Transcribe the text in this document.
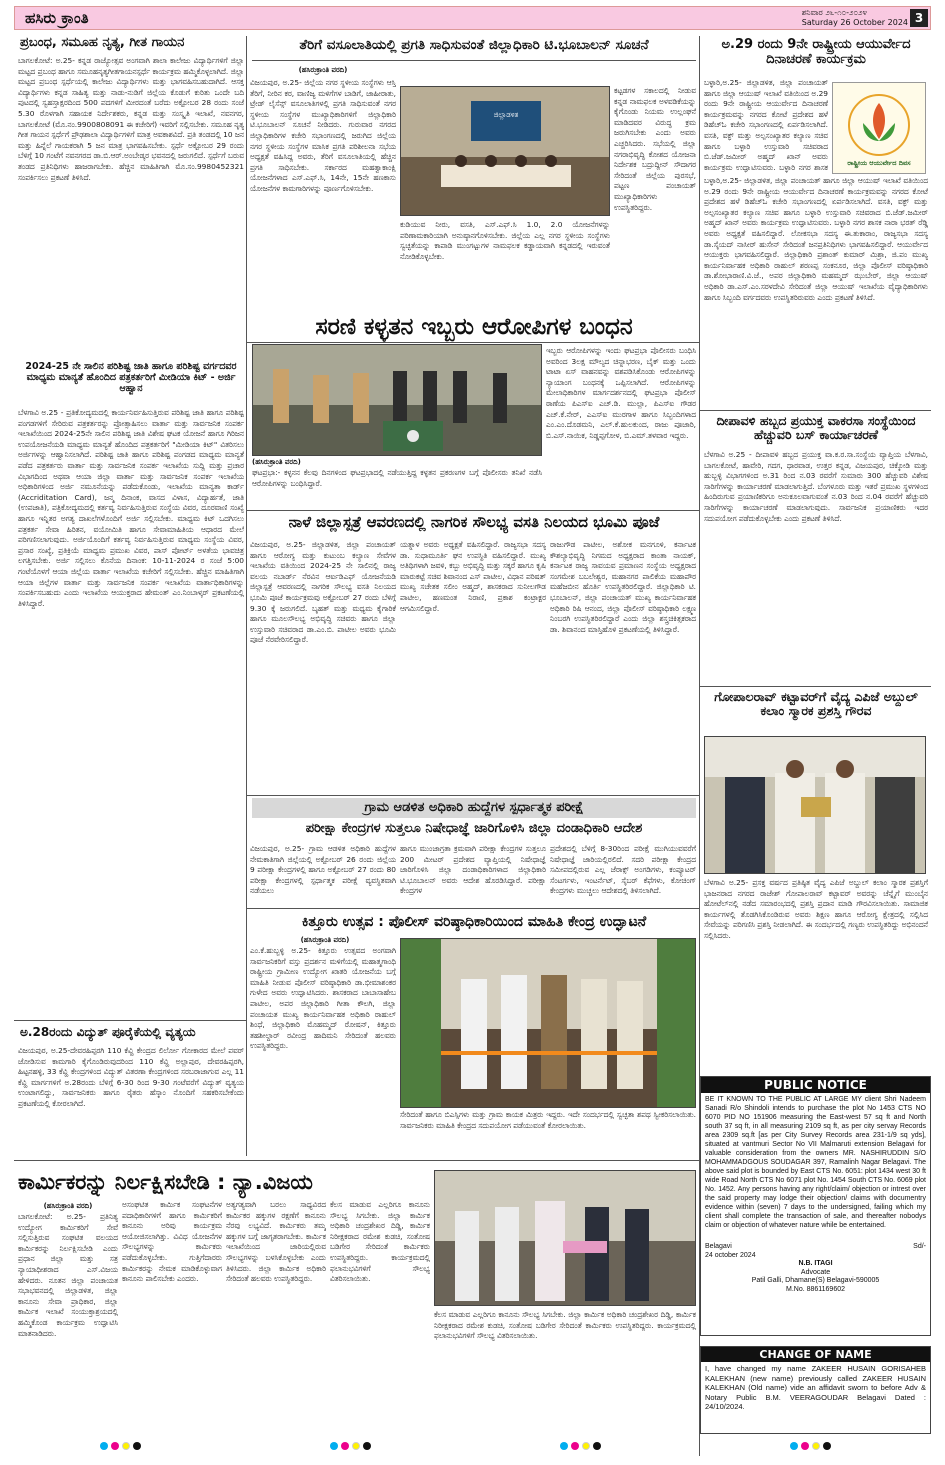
ಹಸಿರು ಕ್ರಾಂತಿ	ಶನಿವಾರ ೨೬-೧೦-೨೦೨೪
Saturday 26 October 2024 3
ಪ್ರಬಂಧ, ಸಮೂಹ ನೃತ್ಯ, ಗೀತ ಗಾಯನ
ಬಾಗಲಕೋಟೆ: ಅ.25- ಕನ್ನಡ ರಾಜ್ಯೋತ್ಸವ ಅಂಗವಾಗಿ ಶಾಲಾ ಕಾಲೇಜು ವಿದ್ಯಾರ್ಥಿಗಳಿಗೆ ಜಿಲ್ಲಾ ಮಟ್ಟದ ಪ್ರಬಂಧ ಹಾಗೂ ಸಮೂಹನೃತ್ಯಗೀತಗಾಯನಸ್ಪರ್ಧೆ ಕಾರ್ಯಕ್ರಮ ಹಮ್ಮಿಕೊಳ್ಳಲಾಗಿದೆ. ಜಿಲ್ಲಾ ಮಟ್ಟದ ಪ್ರಬಂಧ ಸ್ಪರ್ಧೆಯಲ್ಲಿ ಕಾಲೇಜು ವಿದ್ಯಾರ್ಥಿಗಳು ಮತ್ತು ಭಾಗವಹಿಸಬಹುದಾಗಿದೆ. ಆಸಕ್ತ ವಿದ್ಯಾರ್ಥಿಗಳು ಕನ್ನಡ ಸಾಹಿತ್ಯ ಮತ್ತು ನಾಡು-ನುಡಿಗೆ ಜಿಲ್ಲೆಯ ಕೊಡುಗೆ ಕುರಿತು ಒಂದೇ ಬದಿ ಪುಟದಲ್ಲಿ ಸ್ವಹಸ್ತಾಕ್ಷರದಿಂದ 500 ಪದಗಳಿಗೆ ಮೀರದಂತೆ ಬರೆದು ಅಕ್ಟೋಬರ 28 ರಂದು ಸಂಜೆ 5.30 ರೊಳಗಾಗಿ ಸಹಾಯಕ ನಿರ್ದೇಶಕರು, ಕನ್ನಡ ಮತ್ತು ಸಂಸ್ಕೃತಿ ಇಲಾಖೆ, ನವನಗರ, ಬಾಗಲಕೋಟೆ (ಮೊ.ನಂ.9900808091 ಈ ಕಚೇರಿಗೆ) ಇವರಿಗೆ ಸಲ್ಲಿಸಬೇಕು. ಸಮೂಹ ನೃತ್ಯ ಗೀತ ಗಾಯನ ಸ್ಪರ್ಧೆಗೆ ಪ್ರೌಢಶಾಲಾ ವಿದ್ಯಾರ್ಥಿಗಳಿಗೆ ಮಾತ್ರ ಅವಕಾಶವಿದೆ. ಪ್ರತಿ ತಂಡದಲ್ಲಿ 10 ಜನ ಮತ್ತು ಹಿನ್ನೆಲೆ ಗಾಯಕರಾಗಿ 5 ಜನ ಮಾತ್ರ ಭಾಗವಹಿಸಬೇಕು. ಸ್ಪರ್ಧೆ ಅಕ್ಟೋಬರ 29 ರಂದು ಬೆಳಿಗ್ಗೆ 10 ಗಂಟೆಗೆ ನವನಗರದ ಡಾ.ಬಿ.ಆರ್.ಅಂಬೇಡ್ಕರ ಭವನದಲ್ಲಿ ಜರುಗಲಿದೆ. ಸ್ಪರ್ಧೆಗೆ ಬರುವ ತಂಡದ ಪ್ರತಿನಿಧಿಗಳು ಹಾಜರಾಗಬೇಕು. ಹೆಚ್ಚಿನ ಮಾಹಿತಿಗಾಗಿ ಮೊ.ಸಂ.9980452321 ಸಂಪರ್ಕಿಸಲು ಪ್ರಕಟಣೆ ತಿಳಿಸಿದೆ.
2024-25 ನೇ ಸಾಲಿನ ಪರಿಶಿಷ್ಟ ಜಾತಿ ಹಾಗೂ ಪರಿಶಿಷ್ಟ ವರ್ಗದವರ ಮಾಧ್ಯಮ ಮಾನ್ಯತೆ ಹೊಂದಿದ ಪತ್ರಕರ್ತರಿಗೆ ಮೀಡಿಯಾ ಕಿಟ್ - ಅರ್ಜಿ ಆಹ್ವಾನ
ಬೆಳಗಾವಿ ಅ.25 - ಪ್ರತಿಕೋದ್ಯಮದಲ್ಲಿ ಕಾರ್ಯನಿರ್ವಹಿಸುತ್ತಿರುವ ಪರಿಶಿಷ್ಟ ಜಾತಿ ಹಾಗೂ ಪರಿಶಿಷ್ಟ ಪಂಗಡಗಳಿಗೆ ಸೇರಿರುವ ಪತ್ರಕರ್ತರನ್ನು ಪ್ರೋತ್ಸಾಹಿಸಲು ವಾರ್ತಾ ಮತ್ತು ಸಾರ್ವಜನಿಕ ಸಂಪರ್ಕ ಇಲಾಖೆಯಿಂದ 2024-25ನೇ ಸಾಲಿನ ಪರಿಶಿಷ್ಟ ಜಾತಿ ವಿಶೇಷ ಘಟಕ ಯೋಜನೆ ಹಾಗೂ ಗಿರಿಜನ ಉಪಯೋಜನೆಯಡಿ ಮಾಧ್ಯಮ ಮಾನ್ಯತೆ ಹೊಂದಿದ ಪತ್ರಕರ್ತರಿಗೆ "ಮೀಡಿಯಾ ಕಿಟ್" ವಿತರಿಸಲು ಅರ್ಜಿಗಳನ್ನು ಆಹ್ವಾನಿಸಲಾಗಿದೆ. ಪರಿಶಿಷ್ಟ ಜಾತಿ ಹಾಗೂ ಪರಿಶಿಷ್ಟ ಪಂಗಡದ ಮಾಧ್ಯಮ ಮಾನ್ಯತೆ ಪಡೆದ ಪತ್ರಕರ್ತರು ವಾರ್ತಾ ಮತ್ತು ಸಾರ್ವಜನಿಕ ಸಂಪರ್ಕ ಇಲಾಖೆಯ ಸುದ್ದಿ ಮತ್ತು ಪ್ರಚಾರ ವಿಭಾಗದಿಂದ ಅಥವಾ ಆಯಾ ಜಿಲ್ಲಾ ವಾರ್ತಾ ಮತ್ತು ಸಾರ್ವಜನಿಕ ಸಂಪರ್ಕ ಇಲಾಖೆಯ ಅಧಿಕಾರಿಗಳಿಂದ ಅರ್ಜಿ ನಮೂನೆಯನ್ನು ಪಡೆದುಕೊಂಡು, ಇಲಾಖೆಯ ಮಾನ್ಯತಾ ಕಾರ್ಡ್ (Accriditation Card), ಜನ್ಮ ದಿನಾಂಕ, ವಾಸದ ವಿಳಾಸ, ವಿದ್ಯಾರ್ಹತೆ, ಜಾತಿ (ಉಪಜಾತಿ), ಪತ್ರಿಕೋದ್ಯಮದಲ್ಲಿ ಕರ್ತವ್ಯ ನಿರ್ವಹಿಸುತ್ತಿರುವ ಸಂಸ್ಥೆಯ ವಿವರ, ದೂರವಾಣಿ ಸಂಖ್ಯೆ ಹಾಗೂ ಇನ್ನಿತರ ಅಗತ್ಯ ದಾಖಲೆಗಳೊಂದಿಗೆ ಅರ್ಜಿ ಸಲ್ಲಿಸಬೇಕು. ಮಾಧ್ಯಮ ಕಿಟ್ ಒದಗಿಸಲು ಪತ್ರಕರ್ತ ಸೇವಾ ಹಿರಿತನ, ವಯೋಮಿತಿ ಹಾಗೂ ಸೇವಾಮಾಹಿತಿಯ ಆಧಾರದ ಮೇಲೆ ಪರಿಗಣಿಸಲಾಗುವುದು. ಅರ್ಜಿಯೊಂದಿಗೆ ಕರ್ತವ್ಯ ನಿರ್ವಹಿಸುತ್ತಿರುವ ಮಾಧ್ಯಮ ಸಂಸ್ಥೆಯ ವಿವರ, ಪ್ರಸಾರ ಸಂಖ್ಯೆ, ಪ್ರತಿಕ್ರಿಯೆ ಮಾಧ್ಯಮ ಪ್ರಮುಖ ವಿವರ, ಪಾಸ್ ಪೋರ್ಟ್ ಅಳತೆಯ ಭಾವಚಿತ್ರ ಲಗತ್ತಿಸಬೇಕು. ಅರ್ಜಿ ಸಲ್ಲಿಸಲು ಕೊನೆಯ ದಿನಾಂಕ: 10-11-2024 ರ ಸಂಜೆ 5:00 ಗಂಟೆಯೊಳಗೆ ಆಯಾ ಜಿಲ್ಲೆಯ ವಾರ್ತಾ ಇಲಾಖೆಯ ಕಚೇರಿಗೆ ಸಲ್ಲಿಸಬೇಕು. ಹೆಚ್ಚಿನ ಮಾಹಿತಿಗಾಗಿ ಆಯಾ ಜಿಲ್ಲೆಗಳ ವಾರ್ತಾ ಮತ್ತು ಸಾರ್ವಜನಿಕ ಸಂಪರ್ಕ ಇಲಾಖೆಯ ವಾರ್ತಾಧಿಕಾರಿಗಳನ್ನು ಸಂಪರ್ಕಿಸಬಹುದು ಎಂದು ಇಲಾಖೆಯ ಆಯುಕ್ತರಾದ ಹೇಮಂತ್ ಎಂ.ನಿಂಬಾಳ್ಕರ್ ಪ್ರಕಟಣೆಯಲ್ಲಿ ತಿಳಿಸಿದ್ದಾರೆ.
ಅ.28ರಂದು ವಿದ್ಯುತ್ ಪೂರೈಕೆಯಲ್ಲಿ ವ್ಯತ್ಯಯ
ವಿಜಯಪುರ, ಅ.25-ದೇವರಹಿಪ್ಪರಗಿ 110 ಕೆವ್ಹಿ ಕೇಂದ್ರದ ಲಿರ್ಲೋ ಗೋಕಾರದ ಮೇಲೆ ಪವರ್ ಜೋಡಿಸುವ ಕಾಮಗಾರಿ ಕೈಗೊಂಡಿರುವುದರಿಂದ 110 ಕೆವ್ಹಿ ಅಲ್ಲಾಪುರ, ದೇವರಹಿಪ್ಪರಗಿ, ಹಿಟ್ಟನಹಳ್ಳಿ, 33 ಕೆವ್ಹಿ ಕೇಂದ್ರಗಳಿಂದ ವಿದ್ಯುತ್ ವಿತರಣಾ ಕೇಂದ್ರಗಳಿಂದ ಸರಬರಾಜಾಗುವ ಎಲ್ಲ 11 ಕೆವ್ಹಿ ಮಾರ್ಗಗಳಿಗೆ ಅ.28ರಂದು ಬೆಳಿಗ್ಗೆ 6-30 ರಿಂದ 9-30 ಗಂಟೆವರೆಗೆ ವಿದ್ಯುತ್ ವ್ಯತ್ಯಯ ಉಂಟಾಗಲಿದ್ದು, ಸಾರ್ವಜನಿಕರು ಹಾಗೂ ರೈತರು ಹೆಸ್ಕಾಂ ನೊಂದಿಗೆ ಸಹಕರಿಸಬೇಕೆಂದು ಪ್ರಕಟಣೆಯಲ್ಲಿ ಕೋರಲಾಗಿದೆ.
ತೆರಿಗೆ ವಸೂಲಾತಿಯಲ್ಲಿ ಪ್ರಗತಿ ಸಾಧಿಸುವಂತೆ ಜಿಲ್ಲಾಧಿಕಾರಿ ಟಿ.ಭೂಬಾಲನ್ ಸೂಚನೆ
(ಹಸಿರುಕ್ರಾಂತಿ ವರದಿ)
ವಿಜಯಪುರ, ಅ.25- ಜಿಲ್ಲೆಯ ನಗರ ಸ್ಥಳೀಯ ಸಂಸ್ಥೆಗಳು ಆಸ್ತಿ ತೆರಿಗೆ, ನೀರಿನ ಕರ, ವಾಣಿಜ್ಯ ಮಳಿಗೆಗಳ ಬಾಡಿಗೆ, ಜಾಹೀರಾತು, ಟ್ರೇಡ್ ಲೈಸೆನ್ಸ್ ವಸೂಲಾತಿಗಳಲ್ಲಿ ಪ್ರಗತಿ ಸಾಧಿಸುವಂತೆ ನಗರ ಸ್ಥಳೀಯ ಸಂಸ್ಥೆಗಳ ಮುಖ್ಯಾಧಿಕಾರಿಗಳಿಗೆ ಜಿಲ್ಲಾಧಿಕಾರಿ ಟಿ.ಭೂಬಾಲನ್ ಸೂಚನೆ ನೀಡಿದರು. ಗುರುವಾರ ನಗರದ ಜಿಲ್ಲಾಧಿಕಾರಿಗಳ ಕಚೇರಿ ಸಭಾಂಗಣದಲ್ಲಿ ಜರುಗಿದ ಜಿಲ್ಲೆಯ ನಗರ ಸ್ಥಳೀಯ ಸಂಸ್ಥೆಗಳ ಮಾಸಿಕ ಪ್ರಗತಿ ಪರಿಶೀಲನಾ ಸಭೆಯ ಅಧ್ಯಕ್ಷತೆ ವಹಿಸಿದ್ದ ಅವರು, ತೆರಿಗೆ ವಸೂಲಾತಿಯಲ್ಲಿ ಹೆಚ್ಚಿನ ಪ್ರಗತಿ ಸಾಧಿಸಬೇಕು. ಸರ್ಕಾರದ ಮಹತ್ವಾಕಾಂಕ್ಷಿ ಯೋಜನೆಗಳಾದ ಎಸ್.ಎಫ್.ಸಿ, 14ನೇ, 15ನೇ ಹಣಕಾಸು ಯೋಜನೆಗಳ ಕಾಮಗಾರಿಗಳನ್ನು ಪೂರ್ಣಗೊಳಿಸಬೇಕು.
ಜಿಲ್ಲಾಡಳಿತ
ಕುಡಿಯುವ ನೀರು, ವಸತಿ, ಎಸ್.ಎಫ್.ಸಿ 1.0, 2.0 ಯೋಜನೆಗಳನ್ನು ಪರಿಣಾಮಕಾರಿಯಾಗಿ ಅನುಷ್ಠಾನಗೊಳಿಸಬೇಕು. ಜಿಲ್ಲೆಯ ಎಲ್ಲ ನಗರ ಸ್ಥಳೀಯ ಸಂಸ್ಥೆಗಳು ಸ್ವಚ್ಛತೆಯನ್ನು ಕಾಪಾಡಿ ಮುಂಗಟ್ಟುಗಳ ನಾಮಫಲಕ ಕಡ್ಡಾಯವಾಗಿ ಕನ್ನಡದಲ್ಲಿ ಇರುವಂತೆ ನೋಡಿಕೊಳ್ಳಬೇಕು.
ಕಟ್ಟಡಗಳ ಸಕಾಲದಲ್ಲಿ ನೀಡುವ ಕನ್ನಡ ನಾಮಫಲಕ ಅಳವಡಿಕೆಯನ್ನು ಕೈಗೊಂಡು ನಿಯಮ ಉಲ್ಲಂಘನೆ ಮಾಡಿದವರ ವಿರುದ್ಧ ಕ್ರಮ ಜರುಗಿಸಬೇಕು ಎಂದು ಅವರು ಎಚ್ಚರಿಸಿದರು. ಸಭೆಯಲ್ಲಿ ಜಿಲ್ಲಾ ನಗರಾಭಿವೃದ್ಧಿ ಕೋಶದ ಯೋಜನಾ ನಿರ್ದೇಶಕ ಬದ್ರುದ್ದೀನ್ ಸೌದಾಗರ ಸೇರಿದಂತೆ ಜಿಲ್ಲೆಯ ಪುರಸಭೆ, ಪಟ್ಟಣ ಪಂಚಾಯತ್ ಮುಖ್ಯಾಧಿಕಾರಿಗಳು ಉಪಸ್ಥಿತರಿದ್ದರು.
ಸರಣಿ ಕಳ್ಳತನ ಇಬ್ಬರು ಆರೋಪಿಗಳ ಬಂಧನ
(ಹಸಿರುಕ್ರಾಂತಿ ವರದಿ)
ಘಟಪ್ರಭಾ:- ಕಳ್ಳನನ ಕೆಲವು ದಿನಗಳಿಂದ ಘಟಪ್ರಭಾದಲ್ಲಿ ನಡೆಯುತ್ತಿದ್ದ ಕಳ್ಳತನ ಪ್ರಕರಣಗಳ ಬಗ್ಗೆ ಪೊಲೀಸರು ತನಿಖೆ ನಡೆಸಿ ಆರೋಪಿಗಳನ್ನು ಬಂಧಿಸಿದ್ದಾರೆ.
ಇಬ್ಬರು ಆರೋಪಿಗಳನ್ನು ಇಂದು ಘಟಪ್ರಭಾ ಪೊಲೀಸರು ಬಂಧಿಸಿ ಅವರಿಂದ 3ಲಕ್ಷ ಮೌಲ್ಯದ ಚಿನ್ನಾಭರಣ, ಬೈಕ್ ಮತ್ತು ಒಂದು ಟಾಟಾ ಏಸ್ ವಾಹನವನ್ನು ವಶಪಡಿಸಿಕೊಂಡು ಆರೋಪಿಗಳನ್ನು ನ್ಯಾಯಾಂಗ ಬಂಧನಕ್ಕೆ ಒಪ್ಪಿಸಲಾಗಿದೆ. ಆರೋಪಿಗಳನ್ನು ಮೇಲಾಧಿಕಾರಿಗಳ ಮಾರ್ಗದರ್ಶನದಲ್ಲಿ ಘಟಪ್ರಭಾ ಪೊಲೀಸ್ ಠಾಣೆಯ ಪಿಎಸ್ಐ ಎಚ್.ಡಿ. ಮುಲ್ಲಾ, ಪಿಎಸ್ಐ ಗೌಡರ ಎಚ್.ಕೆ.ನೇರ್, ಎಎಸ್ಐ ಮುರಗಾಳ ಹಾಗೂ ಸಿಬ್ಬಂದಿಗಳಾದ ಎಂ.ಎಂ.ದೊಡಮನಿ, ಎಲ್.ಕೆ.ಹುಲಕುಂದ, ರಾಜು ಪೂಜಾರಿ, ಬಿ.ಎಸ್.ನಾಯಿಕ, ನಿಡ್ಡಪ್ಪಗೋಳ, ಬಿ.ಎಮ್.ತಳವಾರ ಇದ್ದರು.
ನಾಳೆ ಜಿಲ್ಲಾಸ್ಪತ್ರೆ ಆವರಣದಲ್ಲಿ ನಾಗರಿಕ ಸೌಲಭ್ಯ ವಸತಿ ನಿಲಯದ ಭೂಮಿ ಪೂಜೆ
ವಿಜಯಪುರ, ಅ.25- ಜಿಲ್ಲಾಡಳಿತ, ಜಿಲ್ಲಾ ಪಂಚಾಯತ್ ಹಾಗೂ ಆರೋಗ್ಯ ಮತ್ತು ಕುಟುಂಬ ಕಲ್ಯಾಣ ಸೇವೆಗಳ ಇಲಾಖೆಯ ವತಿಯಿಂದ 2024-25 ನೇ ಸಾಲಿನಲ್ಲಿ ರಾಜ್ಯ ವಲಯ ನಬಾರ್ಡ್ ನೆರವಿನ ಆರ್ಐಡಿಎಫ್ ಯೋಜನೆಯಡಿ ಜಿಲ್ಲಾಸ್ಪತ್ರೆ ಆವರಣದಲ್ಲಿ ನಾಗರಿಕ ಸೌಲಭ್ಯ ವಸತಿ ನಿಲಯದ ಭೂಮಿ ಪೂಜೆ ಕಾರ್ಯಕ್ರಮವು ಅಕ್ಟೋಬರ್ 27 ರಂದು ಬೆಳಿಗ್ಗೆ 9.30 ಕ್ಕೆ ಜರುಗಲಿದೆ. ಬೃಹತ್ ಮತ್ತು ಮಧ್ಯಮ ಕೈಗಾರಿಕೆ ಹಾಗೂ ಮೂಲಸೌಲಭ್ಯ ಅಭಿವೃದ್ಧಿ ಸಚಿವರು ಹಾಗೂ ಜಿಲ್ಲಾ ಉಸ್ತುವಾರಿ ಸಚಿವರಾದ ಡಾ.ಎಂ.ಬಿ. ಪಾಟೀಲ ಅವರು ಭೂಮಿ ಪೂಜೆ ನೆರವೇರಿಸಲಿದ್ದಾರೆ.
ಯತ್ನಾಳ ಅವರು ಅಧ್ಯಕ್ಷತೆ ವಹಿಸಲಿದ್ದಾರೆ. ರಾಜ್ಯಸಭಾ ಸದಸ್ಯ ಡಾ. ಸುಧಾಮೂರ್ತಿ ಘನ ಉಪಸ್ಥಿತಿ ವಹಿಸಲಿದ್ದಾರೆ. ಮುಖ್ಯ ಅತಿಥಿಗಳಾಗಿ ಜವಳಿ, ಕಬ್ಬು ಅಭಿವೃದ್ಧಿ ಮತ್ತು ಸಕ್ಕರೆ ಹಾಗೂ ಕೃಷಿ ಮಾರುಕಟ್ಟೆ ಸಚಿವ ಶಿವಾನಂದ ಎಸ್ ಪಾಟೀಲ, ವಿಧಾನ ಪರಿಷತ್ ಮುಖ್ಯ ಸಚೇತಕ ಸಲೀಂ ಅಹ್ಮದ್, ಶಾಸಕರಾದ ಸುನೀಲಗೌಡ ಪಾಟೀಲ, ಹಣಮಂತ ನಿರಾಣಿ, ಪ್ರಕಾಶ ಕಂಟ್ರಾಕ್ಟರ ಆಗಮಿಸಲಿದ್ದಾರೆ.
ರಾಜುಗೌಡ ಪಾಟೀಲ, ಅಶೋಕ ಮನಗೂಳಿ, ಕರ್ನಾಟಕ ಕೌಶಲ್ಯಾಭಿವೃದ್ಧಿ ನಿಗಮದ ಅಧ್ಯಕ್ಷರಾದ ಕಾಂತಾ ನಾಯಕ್, ಕರ್ನಾಟಕ ರಾಜ್ಯ ಸಾವಯವ ಪ್ರಮಾಣನ ಸಂಸ್ಥೆಯ ಅಧ್ಯಕ್ಷರಾದ ಸಂಗಮೇಶ ಬಬಲೇಶ್ವರ, ಮಹಾನಗರ ಪಾಲಿಕೆಯ ಮಹಾಪೌರ ಮಹೆಜಬೀನ ಹೊರ್ತಿ ಉಪಸ್ಥಿತರಿರಲಿದ್ದಾರೆ. ಜಿಲ್ಲಾಧಿಕಾರಿ ಟಿ. ಭೂಬಾಲನ್, ಜಿಲ್ಲಾ ಪಂಚಾಯತ್ ಮುಖ್ಯ ಕಾರ್ಯನಿರ್ವಾಹಕ ಅಧಿಕಾರಿ ರಿಷಿ ಆನಂದ, ಜಿಲ್ಲಾ ಪೊಲೀಸ್ ವರಿಷ್ಠಾಧಿಕಾರಿ ಲಕ್ಷ್ಮಣ ನಿಂಬರಗಿ ಉಪಸ್ಥಿತರಿರಲಿದ್ದಾರೆ ಎಂದು ಜಿಲ್ಲಾ ಶಸ್ತ್ರಚಿಕಿತ್ಸಕರಾದ ಡಾ. ಶಿವಾನಂದ ಮಾಸ್ತಿಹೊಳಿ ಪ್ರಕಟಣೆಯಲ್ಲಿ ತಿಳಿಸಿದ್ದಾರೆ.
ಗ್ರಾಮ ಆಡಳಿತ ಅಧಿಕಾರಿ ಹುದ್ದೆಗಳ ಸ್ಪರ್ಧಾತ್ಮಕ ಪರೀಕ್ಷೆ
ಪರೀಕ್ಷಾ ಕೇಂದ್ರಗಳ ಸುತ್ತಲೂ ನಿಷೇಧಾಜ್ಞೆ ಜಾರಿಗೊಳಿಸಿ ಜಿಲ್ಲಾ ದಂಡಾಧಿಕಾರಿ ಆದೇಶ
ವಿಜಯಪುರ, ಅ.25- ಗ್ರಾಮ ಆಡಳಿತ ಅಧಿಕಾರಿ ಹುದ್ದೆಗಳ ನೇಮಕಾತಿಗಾಗಿ ಜಿಲ್ಲೆಯಲ್ಲಿ ಅಕ್ಟೋಬರ್ 26 ರಂದು ಜಿಲ್ಲೆಯ 9 ಪರೀಕ್ಷಾ ಕೇಂದ್ರಗಳಲ್ಲಿ ಹಾಗೂ ಅಕ್ಟೋಬರ್ 27 ರಂದು 80 ಪರೀಕ್ಷಾ ಕೇಂದ್ರಗಳಲ್ಲಿ ಸ್ಪರ್ಧಾತ್ಮಕ ಪರೀಕ್ಷೆ ವ್ಯವಸ್ಥಿತವಾಗಿ ನಡೆಯಲು
ಹಾಗೂ ಮುಂಜಾಗ್ರತಾ ಕ್ರಮವಾಗಿ ಪರೀಕ್ಷಾ ಕೇಂದ್ರಗಳ ಸುತ್ತಲೂ 200 ಮೀಟರ್ ಪ್ರದೇಶದ ವ್ಯಾಪ್ತಿಯಲ್ಲಿ ನಿಷೇಧಾಜ್ಞೆ ಜಾರಿಗೊಳಿಸಿ ಜಿಲ್ಲಾ ದಂಡಾಧಿಕಾರಿಗಳಾದ ಜಿಲ್ಲಾಧಿಕಾರಿ ಟಿ.ಭೂಬಾಲನ್ ಅವರು ಆದೇಶ ಹೊರಡಿಸಿದ್ದಾರೆ. ಪರೀಕ್ಷಾ ಕೇಂದ್ರಗಳ
ಪ್ರದೇಶದಲ್ಲಿ ಬೆಳಿಗ್ಗೆ 8-30ರಿಂದ ಪರೀಕ್ಷೆ ಮುಗಿಯುವವರೆಗೆ ನಿಷೇಧಾಜ್ಞೆ ಜಾರಿಯಲ್ಲಿರಲಿದೆ. ಸದರಿ ಪರೀಕ್ಷಾ ಕೇಂದ್ರದ ಸಮೀಪದಲ್ಲಿರುವ ಎಲ್ಲ ಜೆರಾಕ್ಸ್ ಅಂಗಡಿಗಳು, ಕಂಪ್ಯೂಟರ್ ಸೆಂಟರ್ಗಳು, ಇಂಟರ್ನೆಟ್, ಸೈಬರ್ ಕೆಫೆಗಳು, ಕೋಚಿಂಗ್ ಕೇಂದ್ರಗಳು ಮುಚ್ಚಲು ಆದೇಶದಲ್ಲಿ ತಿಳಿಸಲಾಗಿದೆ.
ಕಿತ್ತೂರು ಉತ್ಸವ : ಪೊಲೀಸ್ ವರಿಷ್ಠಾಧಿಕಾರಿಯಿಂದ ಮಾಹಿತಿ ಕೇಂದ್ರ ಉದ್ಘಾಟನೆ
(ಹಸಿರುಕ್ರಾಂತಿ ವರದಿ)
ಎಂ.ಕೆ.ಹುಬ್ಬಳ್ಳಿ ಅ.25- ಕಿತ್ತೂರು ಉತ್ಸವದ ಅಂಗವಾಗಿ ಸಾರ್ವಜನಿಕರಿಗೆ ವಸ್ತು ಪ್ರದರ್ಶನ ಮಳಿಗೆಯಲ್ಲಿ ಮಹಾತ್ಮಗಾಂಧಿ ರಾಷ್ಟ್ರೀಯ ಗ್ರಾಮೀಣ ಉದ್ಯೋಗ ಖಾತರಿ ಯೋಜನೆಯ ಬಗ್ಗೆ ಮಾಹಿತಿ ನೀಡುವ ಪೊಲೀಸ್ ವರಿಷ್ಠಾಧಿಕಾರಿ ಡಾ.ಭೀಮಾಶಂಕರ ಗುಳೇದ ಅವರು ಉದ್ಘಾಟಿಸಿದರು. ಶಾಸಕರಾದ ಬಾಬಾಸಾಹೇಬ ಪಾಟೀಲ, ಅಪರ ಜಿಲ್ಲಾಧಿಕಾರಿ ಗೀತಾ ಕೌಲಗಿ, ಜಿಲ್ಲಾ ಪಂಚಾಯತ ಮುಖ್ಯ ಕಾರ್ಯನಿರ್ವಾಹಕ ಅಧಿಕಾರಿ ರಾಹುಲ್ ಶಿಂಧೆ, ಜಿಲ್ಲಾಧಿಕಾರಿ ಮೊಹಮ್ಮದ್ ರೋಷನ್, ಕಿತ್ತೂರು ತಹಶೀಲ್ದಾರ್ ರವೀಂದ್ರ ಹಾದಿಮನಿ ಸೇರಿದಂತೆ ಹಲವರು ಉಪಸ್ಥಿತರಿದ್ದರು.
ಸೇರಿದಂತೆ ಹಾಗೂ ಬಿಎಸ್ಸಿಗಳು ಮತ್ತು ಗ್ರಾಮ ಕಾಯಕ ಮಿತ್ರರು ಇದ್ದರು. ಇದೇ ಸಂದರ್ಭದಲ್ಲಿ ಸ್ವಚ್ಛತಾ ಶಪಥ ಸ್ವೀಕರಿಸಲಾಯಿತು. ಸಾರ್ವಜನಿಕರು ಮಾಹಿತಿ ಕೇಂದ್ರದ ಸದುಪಯೋಗ ಪಡೆಯುವಂತೆ ಕೋರಲಾಯಿತು.
ಕಾರ್ಮಿಕರನ್ನು ನಿರ್ಲಕ್ಷಿಸಬೇಡಿ : ನ್ಯಾ.ವಿಜಯ
(ಹಸಿರುಕ್ರಾಂತಿ ವರದಿ)
ಬಾಗಲಕೋಟೆ: ಅ.25- ಪ್ರತಿನಿತ್ಯ ಉದ್ಯೋಗ ಕಾರ್ಮಿಕರಿಗೆ ಸೇವೆ ಸಲ್ಲಿಸುತ್ತಿರುವ ಸಂಘಟಿತ ವಲಯದ ಕಾರ್ಮಿಕರನ್ನು ನಿರ್ಲಕ್ಷಿಸಬೇಡಿ ಎಂದು ಪ್ರಧಾನ ಜಿಲ್ಲಾ ಮತ್ತು ಸತ್ರ ನ್ಯಾಯಾಧೀಶರಾದ ಎಸ್.ವಿಜಯ ಹೇಳಿದರು. ನೂತನ ಜಿಲ್ಲಾ ಪಂಚಾಯತ ಸಭಾಭವನದಲ್ಲಿ ಜಿಲ್ಲಾಡಳಿತ, ಜಿಲ್ಲಾ ಕಾನೂನು ಸೇವಾ ಪ್ರಾಧಿಕಾರ, ಜಿಲ್ಲಾ ಕಾರ್ಮಿಕ ಇಲಾಖೆ ಸಂಯುಕ್ತಾಶ್ರಯದಲ್ಲಿ ಹಮ್ಮಿಕೊಂಡ ಕಾರ್ಯಕ್ರಮ ಉದ್ಘಾಟಿಸಿ ಮಾತನಾಡಿದರು.
ಅಸಂಘಟಿತ ಕಾರ್ಮಿಕ ಸಂಘಟನೆಗಳ ಪದಾಧಿಕಾರಿಗಳಿಗೆ ಹಾಗೂ ಕಾರ್ಮಿಕರಿಗೆ ಕಾನೂನು ಅರಿವು ಕಾರ್ಯಕ್ರಮ ಆಯೋಜಿಸಲಾಗಿತ್ತು. ವಿವಿಧ ಯೋಜನೆಗಳ ಸೌಲಭ್ಯಗಳನ್ನು ಕಾರ್ಮಿಕರು ಪಡೆದುಕೊಳ್ಳಬೇಕು. ಗುತ್ತಿಗೆದಾರರು ಕಾರ್ಮಿಕರನ್ನು ನೇಮಕ ಮಾಡಿಕೊಳ್ಳುವಾಗ ಕಾನೂನು ಪಾಲಿಸಬೇಕು ಎಂದರು.
ಅತ್ಯಗತ್ಯವಾಗಿ ಬರಲು ಸಾಧ್ಯವಿರದ ಕಾರ್ಮಿಕರ ಹಕ್ಕುಗಳ ರಕ್ಷಣೆಗೆ ಕಾನೂನು ನೆರವು ಲಭ್ಯವಿದೆ. ಕಾರ್ಮಿಕರು ತಮ್ಮ ಹಕ್ಕುಗಳ ಬಗ್ಗೆ ಜಾಗೃತರಾಗಬೇಕು. ಕಾರ್ಮಿಕ ಇಲಾಖೆಯಿಂದ ಜಾರಿಯಲ್ಲಿರುವ ಸೌಲಭ್ಯಗಳನ್ನು ಬಳಸಿಕೊಳ್ಳಬೇಕು ಎಂದು ತಿಳಿಸಿದರು. ಜಿಲ್ಲಾ ಕಾರ್ಮಿಕ ಅಧಿಕಾರಿ ಸೇರಿದಂತೆ ಹಲವರು ಉಪಸ್ಥಿತರಿದ್ದರು.
ಕೆಲಸ ಮಾಡುವ ಎಲ್ಲರಿಗೂ ಕಾನೂನು ಸೌಲಭ್ಯ ಸಿಗಬೇಕು. ಜಿಲ್ಲಾ ಕಾರ್ಮಿಕ ಅಧಿಕಾರಿ ಚಂದ್ರಶೇಖರ ದಿಡ್ಡಿ, ಕಾರ್ಮಿಕ ನಿರೀಕ್ಷಕರಾದ ರಮೇಶ ಕುಡಚಿ, ಸಂತೋಷ ಬಡಿಗೇರ ಸೇರಿದಂತೆ ಕಾರ್ಮಿಕರು ಉಪಸ್ಥಿತರಿದ್ದರು. ಕಾರ್ಯಕ್ರಮದಲ್ಲಿ ಫಲಾನುಭವಿಗಳಿಗೆ ಸೌಲಭ್ಯ ವಿತರಿಸಲಾಯಿತು.
ಕೆಲಸ ಮಾಡುವ ಎಲ್ಲರಿಗೂ ಕಾನೂನು ಸೌಲಭ್ಯ ಸಿಗಬೇಕು. ಜಿಲ್ಲಾ ಕಾರ್ಮಿಕ ಅಧಿಕಾರಿ ಚಂದ್ರಶೇಖರ ದಿಡ್ಡಿ, ಕಾರ್ಮಿಕ ನಿರೀಕ್ಷಕರಾದ ರಮೇಶ ಕುಡಚಿ, ಸಂತೋಷ ಬಡಿಗೇರ ಸೇರಿದಂತೆ ಕಾರ್ಮಿಕರು ಉಪಸ್ಥಿತರಿದ್ದರು. ಕಾರ್ಯಕ್ರಮದಲ್ಲಿ ಫಲಾನುಭವಿಗಳಿಗೆ ಸೌಲಭ್ಯ ವಿತರಿಸಲಾಯಿತು.
ಅ.29 ರಂದು 9ನೇ ರಾಷ್ಟ್ರೀಯ ಆಯುರ್ವೇದ ದಿನಾಚರಣೆ ಕಾರ್ಯಕ್ರಮ
ರಾಷ್ಟ್ರೀಯ ಆಯುರ್ವೇದ ದಿವಸ
ಬಳ್ಳಾರಿ,ಅ.25- ಜಿಲ್ಲಾಡಳಿತ, ಜಿಲ್ಲಾ ಪಂಚಾಯತ್ ಹಾಗೂ ಜಿಲ್ಲಾ ಆಯುಷ್ ಇಲಾಖೆ ವತಿಯಿಂದ ಅ.29 ರಂದು 9ನೇ ರಾಷ್ಟ್ರೀಯ ಆಯುರ್ವೇದ ದಿನಾಚರಣೆ ಕಾರ್ಯಕ್ರಮವನ್ನು ನಗರದ ಕೋಟೆ ಪ್ರದೇಶದ ಹಳೆ ಡಿಹೆಚ್ಓ ಕಚೇರಿ ಸಭಾಂಗಣದಲ್ಲಿ ಏರ್ಪಡಿಸಲಾಗಿದೆ. ವಸತಿ, ವಕ್ಫ್ ಮತ್ತು ಅಲ್ಪಸಂಖ್ಯಾತರ ಕಲ್ಯಾಣ ಸಚಿವ ಹಾಗೂ ಬಳ್ಳಾರಿ ಉಸ್ತುವಾರಿ ಸಚಿವರಾದ ಬಿ.ಜೆಡ್.ಜಮೀರ್ ಅಹ್ಮದ್ ಖಾನ್ ಅವರು ಕಾರ್ಯಕ್ರಮ ಉದ್ಘಾಟಿಸುವರು. ಬಳ್ಳಾರಿ ನಗರ ಶಾಸಕ
ಬಳ್ಳಾರಿ,ಅ.25- ಜಿಲ್ಲಾಡಳಿತ, ಜಿಲ್ಲಾ ಪಂಚಾಯತ್ ಹಾಗೂ ಜಿಲ್ಲಾ ಆಯುಷ್ ಇಲಾಖೆ ವತಿಯಿಂದ ಅ.29 ರಂದು 9ನೇ ರಾಷ್ಟ್ರೀಯ ಆಯುರ್ವೇದ ದಿನಾಚರಣೆ ಕಾರ್ಯಕ್ರಮವನ್ನು ನಗರದ ಕೋಟೆ ಪ್ರದೇಶದ ಹಳೆ ಡಿಹೆಚ್ಓ ಕಚೇರಿ ಸಭಾಂಗಣದಲ್ಲಿ ಏರ್ಪಡಿಸಲಾಗಿದೆ. ವಸತಿ, ವಕ್ಫ್ ಮತ್ತು ಅಲ್ಪಸಂಖ್ಯಾತರ ಕಲ್ಯಾಣ ಸಚಿವ ಹಾಗೂ ಬಳ್ಳಾರಿ ಉಸ್ತುವಾರಿ ಸಚಿವರಾದ ಬಿ.ಜೆಡ್.ಜಮೀರ್ ಅಹ್ಮದ್ ಖಾನ್ ಅವರು ಕಾರ್ಯಕ್ರಮ ಉದ್ಘಾಟಿಸುವರು. ಬಳ್ಳಾರಿ ನಗರ ಶಾಸಕ ನಾರಾ ಭರತ್ ರೆಡ್ಡಿ ಅವರು ಅಧ್ಯಕ್ಷತೆ ವಹಿಸಲಿದ್ದಾರೆ. ಲೋಕಸಭಾ ಸದಸ್ಯ ಈ.ತುಕಾರಾಂ, ರಾಜ್ಯಸಭಾ ಸದಸ್ಯ ಡಾ.ಸೈಯದ್ ನಾಸೀರ್ ಹುಸೇನ್ ಸೇರಿದಂತೆ ಜನಪ್ರತಿನಿಧಿಗಳು ಭಾಗವಹಿಸಲಿದ್ದಾರೆ. ಆಯುರ್ವೇದ ಆಯುಕ್ತರು ಭಾಗವಹಿಸಲಿದ್ದಾರೆ. ಜಿಲ್ಲಾಧಿಕಾರಿ ಪ್ರಶಾಂತ್ ಕುಮಾರ್ ಮಿಶ್ರಾ, ಜಿ.ಪಂ ಮುಖ್ಯ ಕಾರ್ಯನಿರ್ವಾಹಕ ಅಧಿಕಾರಿ ರಾಹುಲ್ ಶರಣಪ್ಪ ಸಂಕನೂರ, ಜಿಲ್ಲಾ ಪೊಲೀಸ್ ವರಿಷ್ಠಾಧಿಕಾರಿ ಡಾ.ಶೋಭಾರಾಣಿ.ವಿ.ಜೆ., ಅಪರ ಜಿಲ್ಲಾಧಿಕಾರಿ ಮಹಮ್ಮದ್ ಝುಬೇರ್, ಜಿಲ್ಲಾ ಆಯುಷ್ ಅಧಿಕಾರಿ ಡಾ.ಎಸ್.ಎಂ.ಸರಳದೇವಿ ಸೇರಿದಂತೆ ಜಿಲ್ಲಾ ಆಯುಷ್ ಇಲಾಖೆಯ ವೈದ್ಯಾಧಿಕಾರಿಗಳು ಹಾಗೂ ಸಿಬ್ಬಂದಿ ವರ್ಗದವರು ಉಪಸ್ಥಿತರಿರುವರು ಎಂದು ಪ್ರಕಟಣೆ ತಿಳಿಸಿದೆ.
ದೀಪಾವಳಿ ಹಬ್ಬದ ಪ್ರಯುಕ್ತ ವಾಕರಸಾ ಸಂಸ್ಥೆಯಿಂದ ಹೆಚ್ಚುವರಿ ಬಸ್ ಕಾರ್ಯಾಚರಣೆ
ಬೆಳಗಾವಿ ಅ.25 - ದೀಪಾವಳಿ ಹಬ್ಬದ ಪ್ರಯುಕ್ತ ವಾ.ಕ.ರ.ಸಾ.ಸಂಸ್ಥೆಯ ವ್ಯಾಪ್ತಿಯ ಬೆಳಗಾವಿ, ಬಾಗಲಕೋಟೆ, ಹಾವೇರಿ, ಗದಗ, ಧಾರವಾಡ, ಉತ್ತರ ಕನ್ನಡ, ವಿಜಯಪುರ, ಚಿಕ್ಕೋಡಿ ಮತ್ತು ಹುಬ್ಬಳ್ಳಿ ವಿಭಾಗಗಳಿಂದ ಅ.31 ರಿಂದ ನ.03 ರವರೆಗೆ ಸುಮಾರು 300 ಹೆಚ್ಚುವರಿ ವಿಶೇಷ ಸಾರಿಗೆಗಳನ್ನು ಕಾರ್ಯಾಚರಣೆ ಮಾಡಲಾಗುತ್ತಿದೆ. ಬೆಂಗಳೂರು ಮತ್ತು ಇತರೆ ಪ್ರಮುಖ ಸ್ಥಳಗಳಿಂದ ಹಿಂದಿರುಗುವ ಪ್ರಯಾಣಿಕರಿಗೂ ಅನುಕೂಲವಾಗುವಂತೆ ನ.03 ರಿಂದ ನ.04 ರವರೆಗೆ ಹೆಚ್ಚುವರಿ ಸಾರಿಗೆಗಳನ್ನು ಕಾರ್ಯಾಚರಣೆ ಮಾಡಲಾಗುವುದು. ಸಾರ್ವಜನಿಕ ಪ್ರಯಾಣಿಕರು ಇದರ ಸದುಪಯೋಗ ಪಡೆದುಕೊಳ್ಳಬೇಕು ಎಂದು ಪ್ರಕಟಣೆ ತಿಳಿಸಿದೆ.
ಗೋಪಾಲರಾವ್ ಕಟ್ಟಾವರ್‌ಗೆ ವೈದ್ಯ ಎಪಿಜೆ ಅಬ್ದುಲ್ ಕಲಾಂ ಸ್ಮಾರಕ ಪ್ರಶಸ್ತಿ ಗೌರವ
ಬೆಳಗಾವಿ ಅ.25- ಪ್ರಸಕ್ತ ವರ್ಷದ ಪ್ರತಿಷ್ಠಿತ ವೈದ್ಯ ಎಪಿಜೆ ಅಬ್ದುಲ್ ಕಲಾಂ ಸ್ಮಾರಕ ಪ್ರಶಸ್ತಿಗೆ ಭಾಜನರಾದ ನಗರದ ರಾಜೇಶ್ ಗೋಪಾಲರಾವ್ ಕಟ್ಟಾವರ್ ಅವರನ್ನು ಚೆನ್ನೈಗೆ ಮುಂಬೈನ ಹೋಟೆಲ್‌ನಲ್ಲಿ ನಡೆದ ಸಮಾರಂಭದಲ್ಲಿ ಪ್ರಶಸ್ತಿ ಪ್ರದಾನ ಮಾಡಿ ಗೌರವಿಸಲಾಯಿತು. ಸಾಮಾಜಿಕ ಕಾರ್ಯಗಳಲ್ಲಿ ತೊಡಗಿಸಿಕೊಂಡಿರುವ ಅವರು ಶಿಕ್ಷಣ ಹಾಗೂ ಆರೋಗ್ಯ ಕ್ಷೇತ್ರದಲ್ಲಿ ಸಲ್ಲಿಸಿದ ಸೇವೆಯನ್ನು ಪರಿಗಣಿಸಿ ಪ್ರಶಸ್ತಿ ನೀಡಲಾಗಿದೆ. ಈ ಸಂದರ್ಭದಲ್ಲಿ ಗಣ್ಯರು ಉಪಸ್ಥಿತರಿದ್ದು ಅಭಿನಂದನೆ ಸಲ್ಲಿಸಿದರು.
PUBLIC NOTICE
BE IT KNOWN TO THE PUBLIC AT LARGE MY client Shri Nadeem Sanadi R/o Shindoli intends to purchase the plot No 1453 CTS NO 6070 PID NO 151906 measuring the East-west 57 sq ft and North south 37 sq ft, in all measuring 2109 sq ft, as per city servay Records area 2309 sq.ft [as per City Survey Records area 231-1/9 sq yds], situated at vantmuri Sector No VII Malmaruti extension Belagavi for valuable consideration from the owners MR. NASHIRUDDIN S/O MOHAMMADGOUS SOUDAGAR 397, Ramalinh Nagar Belagavi. The above said plot is bounded by East CTS No. 6051: plot 1434 west 30 ft wide Road North CTS No 6071 plot No. 1454 South CTS No. 6069 plot No. 1452. Any persons having any right/claim/ objection or intrest over the said property may lodge their objection/ claims with documentry evidence within (seven) 7 days to the undersigned, failing which my client shall complete the transaction of sale, and thereafter nobodys claim or objection of whatever nature while be entertained.
Belagavi	Sd/-
24 october 2024
N.B. ITAGI
Advocate
Patil Galli, Dhamane(S) Belagavi-590005
M.No. 8861169602
CHANGE OF NAME
I, have changed my name ZAKEER HUSAIN GORISAHEB KALEKHAN (new name) previously called ZAKEER HUSAIN KALEKHAN (Old name) vide an affidavit sworn to before Adv & Notary Public B.M. VEERAGOUDAR Belagavi Dated : 24/10/2024.
